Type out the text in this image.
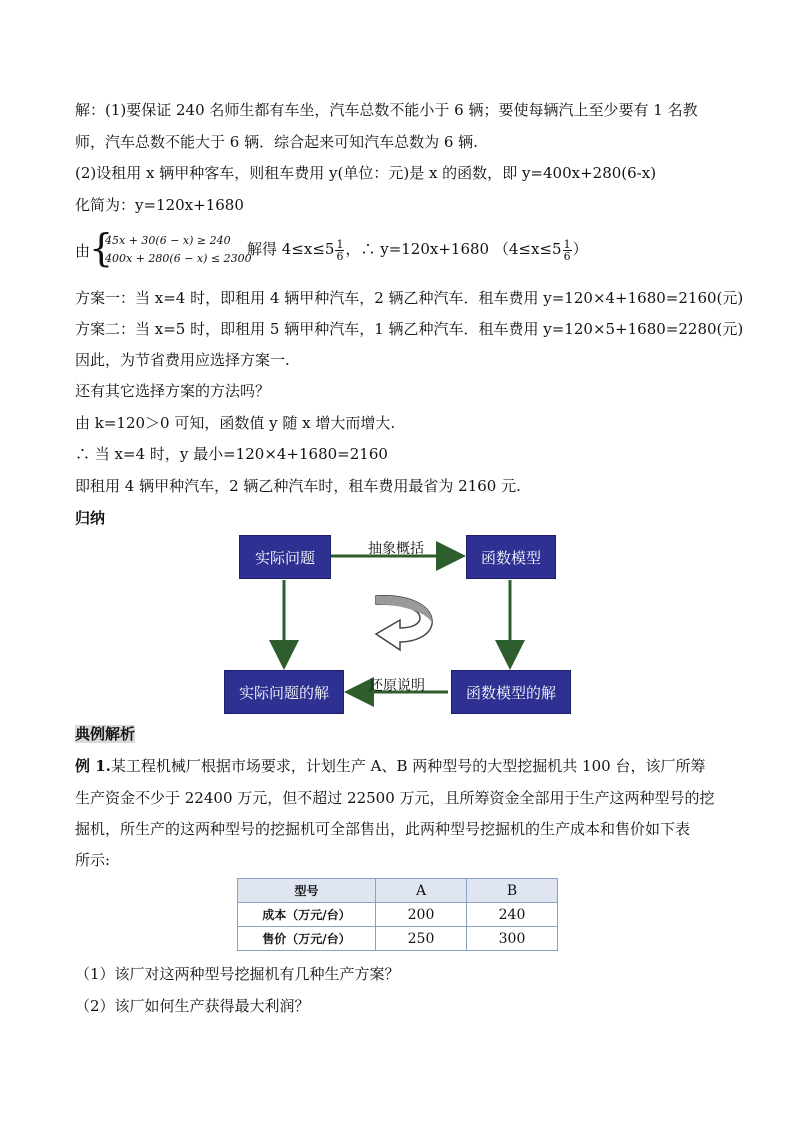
解：(1)要保证 240 名师生都有车坐，汽车总数不能小于 6 辆；要使每辆汽上至少要有 1 名教
师，汽车总数不能大于 6 辆．综合起来可知汽车总数为 6 辆.
(2)设租用 x 辆甲种客车，则租车费用 y(单位：元)是 x 的函数，即 y=400x+280(6-x)
化简为：y=120x+1680
由
{
45x + 30(6 − x) ≥ 240
400x + 280(6 − x) ≤ 2300
解得 $4\le x\le 5 \frac{1}{6}$ ，∴ y=120x+1680 （$4\le x\le 5 \frac{1}{6}$ ）
方案一：当 x=4 时，即租用 4 辆甲种汽车，2 辆乙种汽车．租车费用 y=120×4+1680=2160(元)
方案二：当 x=5 时，即租用 5 辆甲种汽车，1 辆乙种汽车．租车费用 y=120×5+1680=2280(元)
因此，为节省费用应选择方案一.
还有其它选择方案的方法吗？
由 k=120＞0 可知，函数值 y 随 x 增大而增大.
∴ 当 x=4 时，y 最小=120×4+1680=2160
即租用 4 辆甲种汽车，2 辆乙种汽车时，租车费用最省为 2160 元.
归纳
实际问题	函数模型
实际问题的解	函数模型的解
抽象概括
还原说明
典例解析
例 1.某工程机械厂根据市场要求，计划生产 A、B 两种型号的大型挖掘机共 100 台，该厂所筹
生产资金不少于 22400 万元，但不超过 22500 万元，且所筹资金全部用于生产这两种型号的挖
掘机，所生产的这两种型号的挖掘机可全部售出，此两种型号挖掘机的生产成本和售价如下表
所示:
型号	A	B
成本（万元/台）	200	240
售价（万元/台）	250	300
（1）该厂对这两种型号挖掘机有几种生产方案？
（2）该厂如何生产获得最大利润？
